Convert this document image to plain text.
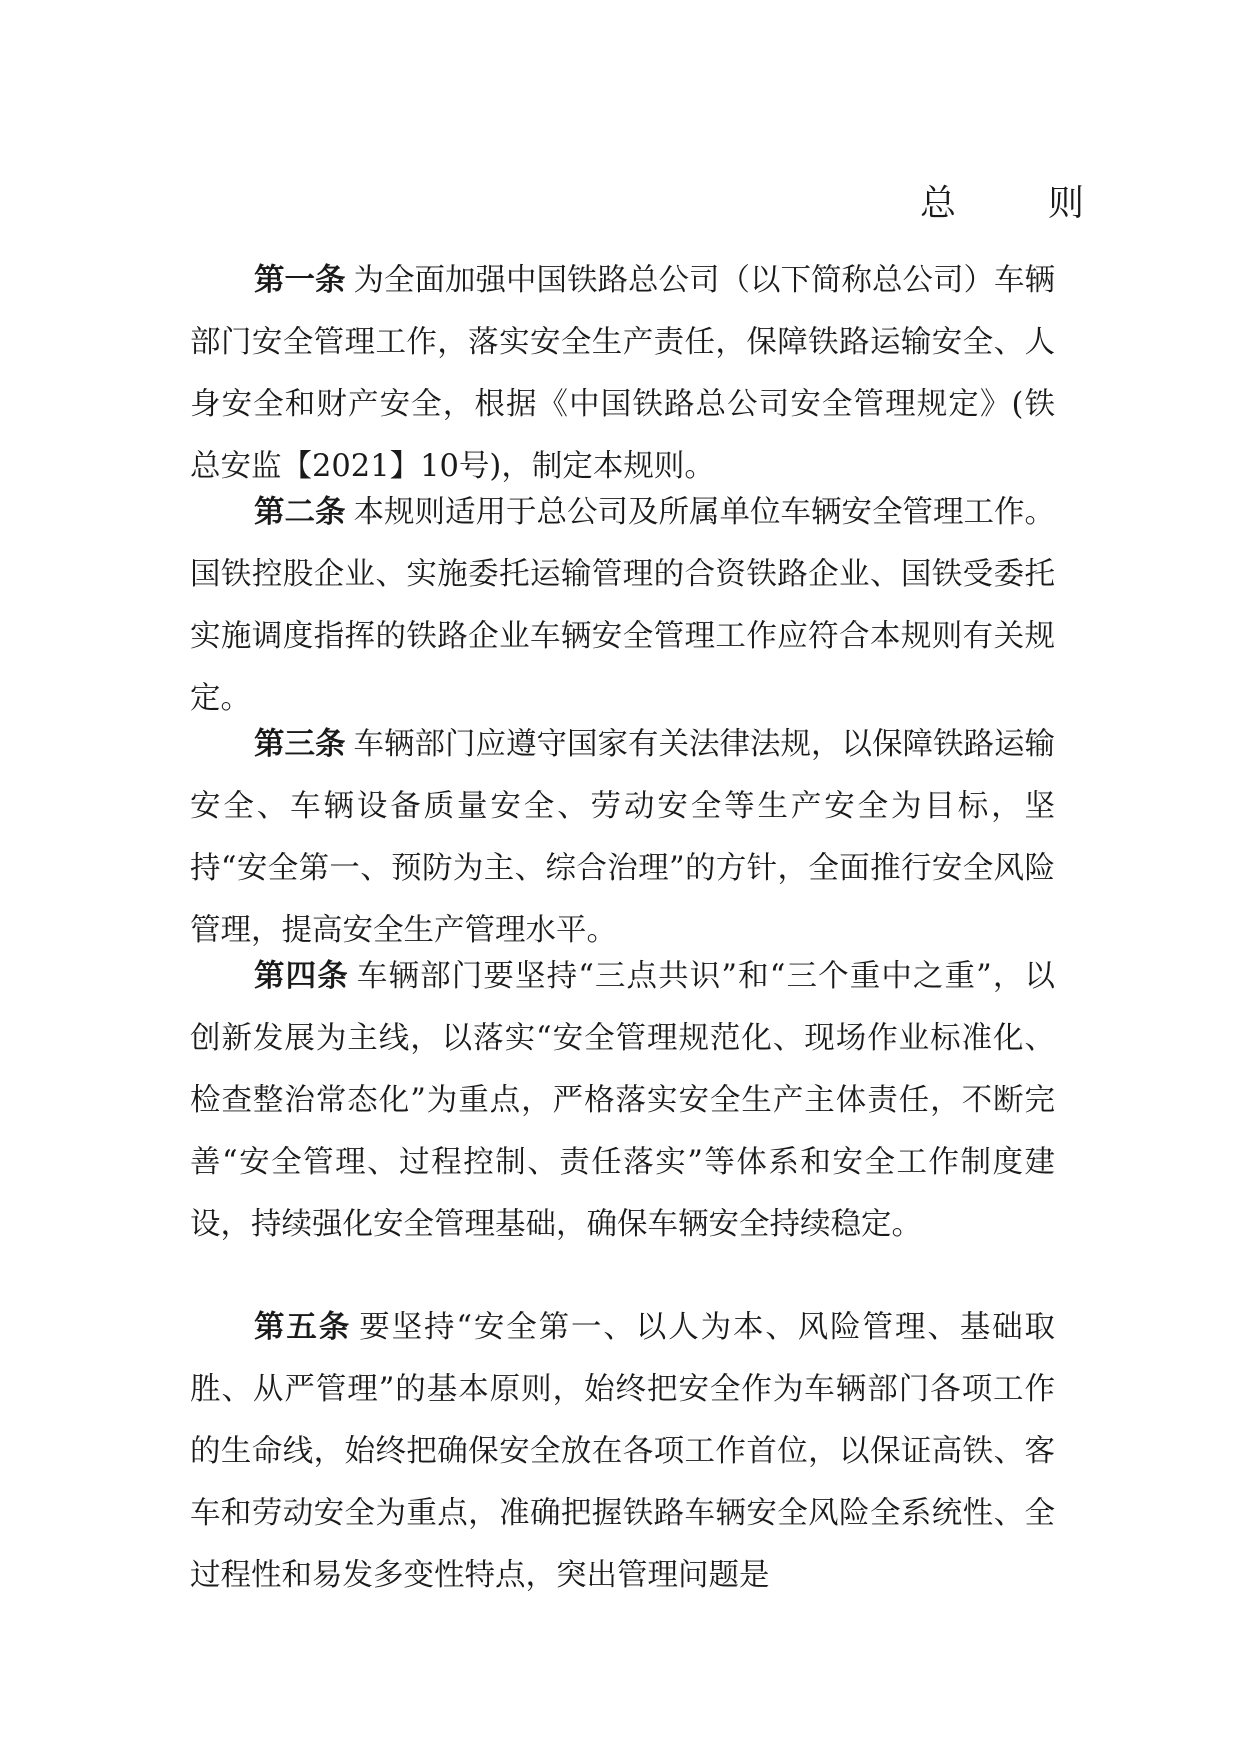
总　则

第一条 为全面加强中国铁路总公司（以下简称总公司）车辆部门安全管理工作，落实安全生产责任，保障铁路运输安全、人身安全和财产安全，根据《中国铁路总公司安全管理规定》(铁总安监【2021】10号)，制定本规则。

第二条 本规则适用于总公司及所属单位车辆安全管理工作。国铁控股企业、实施委托运输管理的合资铁路企业、国铁受委托实施调度指挥的铁路企业车辆安全管理工作应符合本规则有关规定。

第三条 车辆部门应遵守国家有关法律法规，以保障铁路运输安全、车辆设备质量安全、劳动安全等生产安全为目标，坚持“安全第一、预防为主、综合治理”的方针，全面推行安全风险管理，提高安全生产管理水平。

第四条 车辆部门要坚持“三点共识”和“三个重中之重”，以创新发展为主线，以落实“安全管理规范化、现场作业标准化、检查整治常态化”为重点，严格落实安全生产主体责任，不断完善“安全管理、过程控制、责任落实”等体系和安全工作制度建设，持续强化安全管理基础，确保车辆安全持续稳定。

第五条 要坚持“安全第一、以人为本、风险管理、基础取胜、从严管理”的基本原则，始终把安全作为车辆部门各项工作的生命线，始终把确保安全放在各项工作首位，以保证高铁、客车和劳动安全为重点，准确把握铁路车辆安全风险全系统性、全过程性和易发多变性特点，突出管理问题是
